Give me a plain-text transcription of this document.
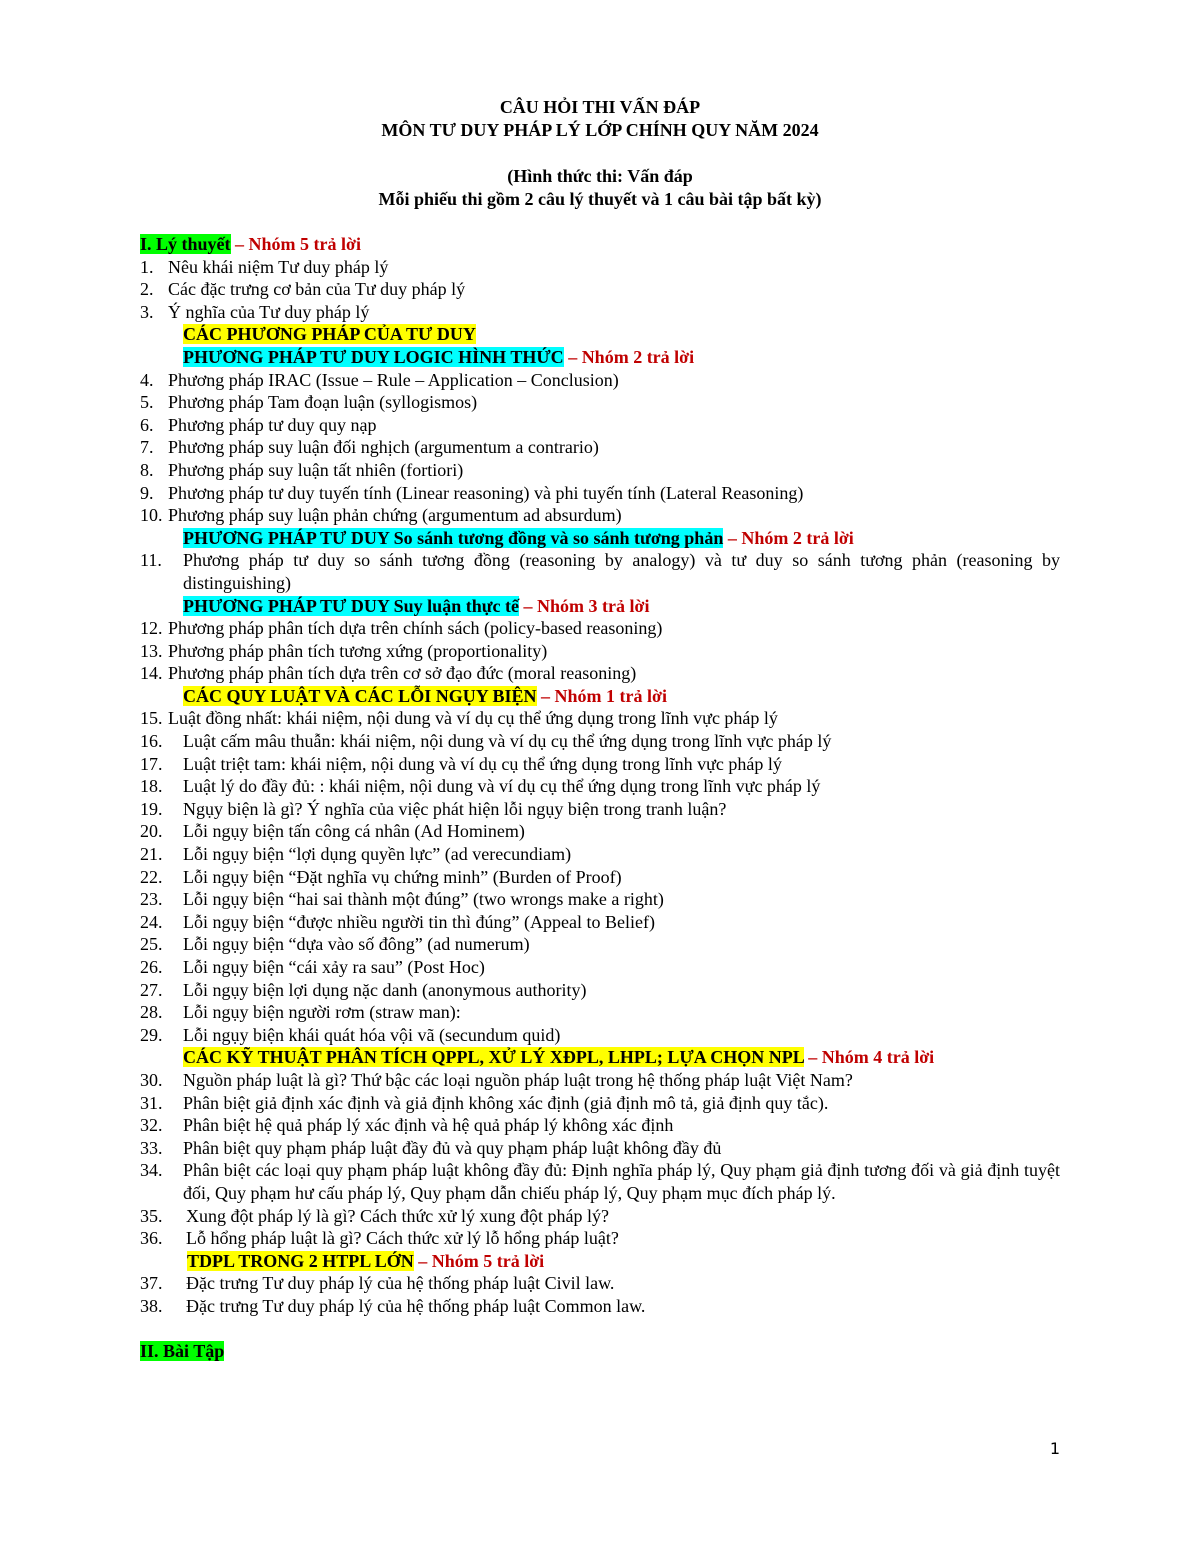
CÂU HỎI THI VẤN ĐÁP
MÔN TƯ DUY PHÁP LÝ LỚP CHÍNH QUY NĂM 2024
(Hình thức thi: Vấn đáp
Mỗi phiếu thi gồm 2 câu lý thuyết và 1 câu bài tập bất kỳ)
I. Lý thuyết – Nhóm 5 trả lời
1. Nêu khái niệm Tư duy pháp lý
2. Các đặc trưng cơ bản của Tư duy pháp lý
3. Ý nghĩa của Tư duy pháp lý
CÁC PHƯƠNG PHÁP CỦA TƯ DUY
PHƯƠNG PHÁP TƯ DUY LOGIC HÌNH THỨC – Nhóm 2 trả lời
4. Phương pháp IRAC (Issue – Rule – Application – Conclusion)
5. Phương pháp Tam đoạn luận (syllogismos)
6. Phương pháp tư duy quy nạp
7. Phương pháp suy luận đối nghịch (argumentum a contrario)
8. Phương pháp suy luận tất nhiên (fortiori)
9. Phương pháp tư duy tuyến tính (Linear reasoning) và phi tuyến tính (Lateral Reasoning)
10. Phương pháp suy luận phản chứng (argumentum ad absurdum)
PHƯƠNG PHÁP TƯ DUY So sánh tương đồng và so sánh tương phản – Nhóm 2 trả lời
11.	Phương pháp tư duy so sánh tương đồng (reasoning by analogy) và tư duy so sánh tương phản (reasoning by distinguishing)
PHƯƠNG PHÁP TƯ DUY Suy luận thực tế – Nhóm 3 trả lời
12. Phương pháp phân tích dựa trên chính sách (policy-based reasoning)
13. Phương pháp phân tích tương xứng (proportionality)
14. Phương pháp phân tích dựa trên cơ sở đạo đức (moral reasoning)
CÁC QUY LUẬT VÀ CÁC LỖI NGỤY BIỆN – Nhóm 1 trả lời
15. Luật đồng nhất: khái niệm, nội dung và ví dụ cụ thể ứng dụng trong lĩnh vực pháp lý
16.	Luật cấm mâu thuẫn: khái niệm, nội dung và ví dụ cụ thể ứng dụng trong lĩnh vực pháp lý
17.	Luật triệt tam: khái niệm, nội dung và ví dụ cụ thể ứng dụng trong lĩnh vực pháp lý
18.	Luật lý do đầy đủ: : khái niệm, nội dung và ví dụ cụ thể ứng dụng trong lĩnh vực pháp lý
19.	Ngụy biện là gì? Ý nghĩa của việc phát hiện lỗi ngụy biện trong tranh luận?
20.	Lỗi ngụy biện tấn công cá nhân (Ad Hominem)
21.	Lỗi ngụy biện “lợi dụng quyền lực” (ad verecundiam)
22.	Lỗi ngụy biện “Đặt nghĩa vụ chứng minh” (Burden of Proof)
23.	Lỗi ngụy biện “hai sai thành một đúng” (two wrongs make a right)
24.	Lỗi ngụy biện “được nhiều người tin thì đúng” (Appeal to Belief)
25.	Lỗi ngụy biện “dựa vào số đông” (ad numerum)
26.	Lỗi ngụy biện “cái xảy ra sau” (Post Hoc)
27.	Lỗi ngụy biện lợi dụng nặc danh (anonymous authority)
28.	Lỗi ngụy biện người rơm (straw man):
29.	Lỗi ngụy biện khái quát hóa vội vã (secundum quid)
CÁC KỸ THUẬT PHÂN TÍCH QPPL, XỬ LÝ XĐPL, LHPL; LỰA CHỌN NPL – Nhóm 4 trả lời
30.	Nguồn pháp luật là gì? Thứ bậc các loại nguồn pháp luật trong hệ thống pháp luật Việt Nam?
31.	Phân biệt giả định xác định và giả định không xác định (giả định mô tả, giả định quy tắc).
32.	Phân biệt hệ quả pháp lý xác định và hệ quả pháp lý không xác định
33.	Phân biệt quy phạm pháp luật đầy đủ và quy phạm pháp luật không đầy đủ
34.	Phân biệt các loại quy phạm pháp luật không đầy đủ: Định nghĩa pháp lý, Quy phạm giả định tương đối và giả định tuyệt đối, Quy phạm hư cấu pháp lý, Quy phạm dẫn chiếu pháp lý, Quy phạm mục đích pháp lý.
35.	Xung đột pháp lý là gì? Cách thức xử lý xung đột pháp lý?
36.	Lỗ hổng pháp luật là gì? Cách thức xử lý lỗ hổng pháp luật?
TDPL TRONG 2 HTPL LỚN – Nhóm 5 trả lời
37.	Đặc trưng Tư duy pháp lý của hệ thống pháp luật Civil law.
38.	Đặc trưng Tư duy pháp lý của hệ thống pháp luật Common law.
II. Bài Tập
1
